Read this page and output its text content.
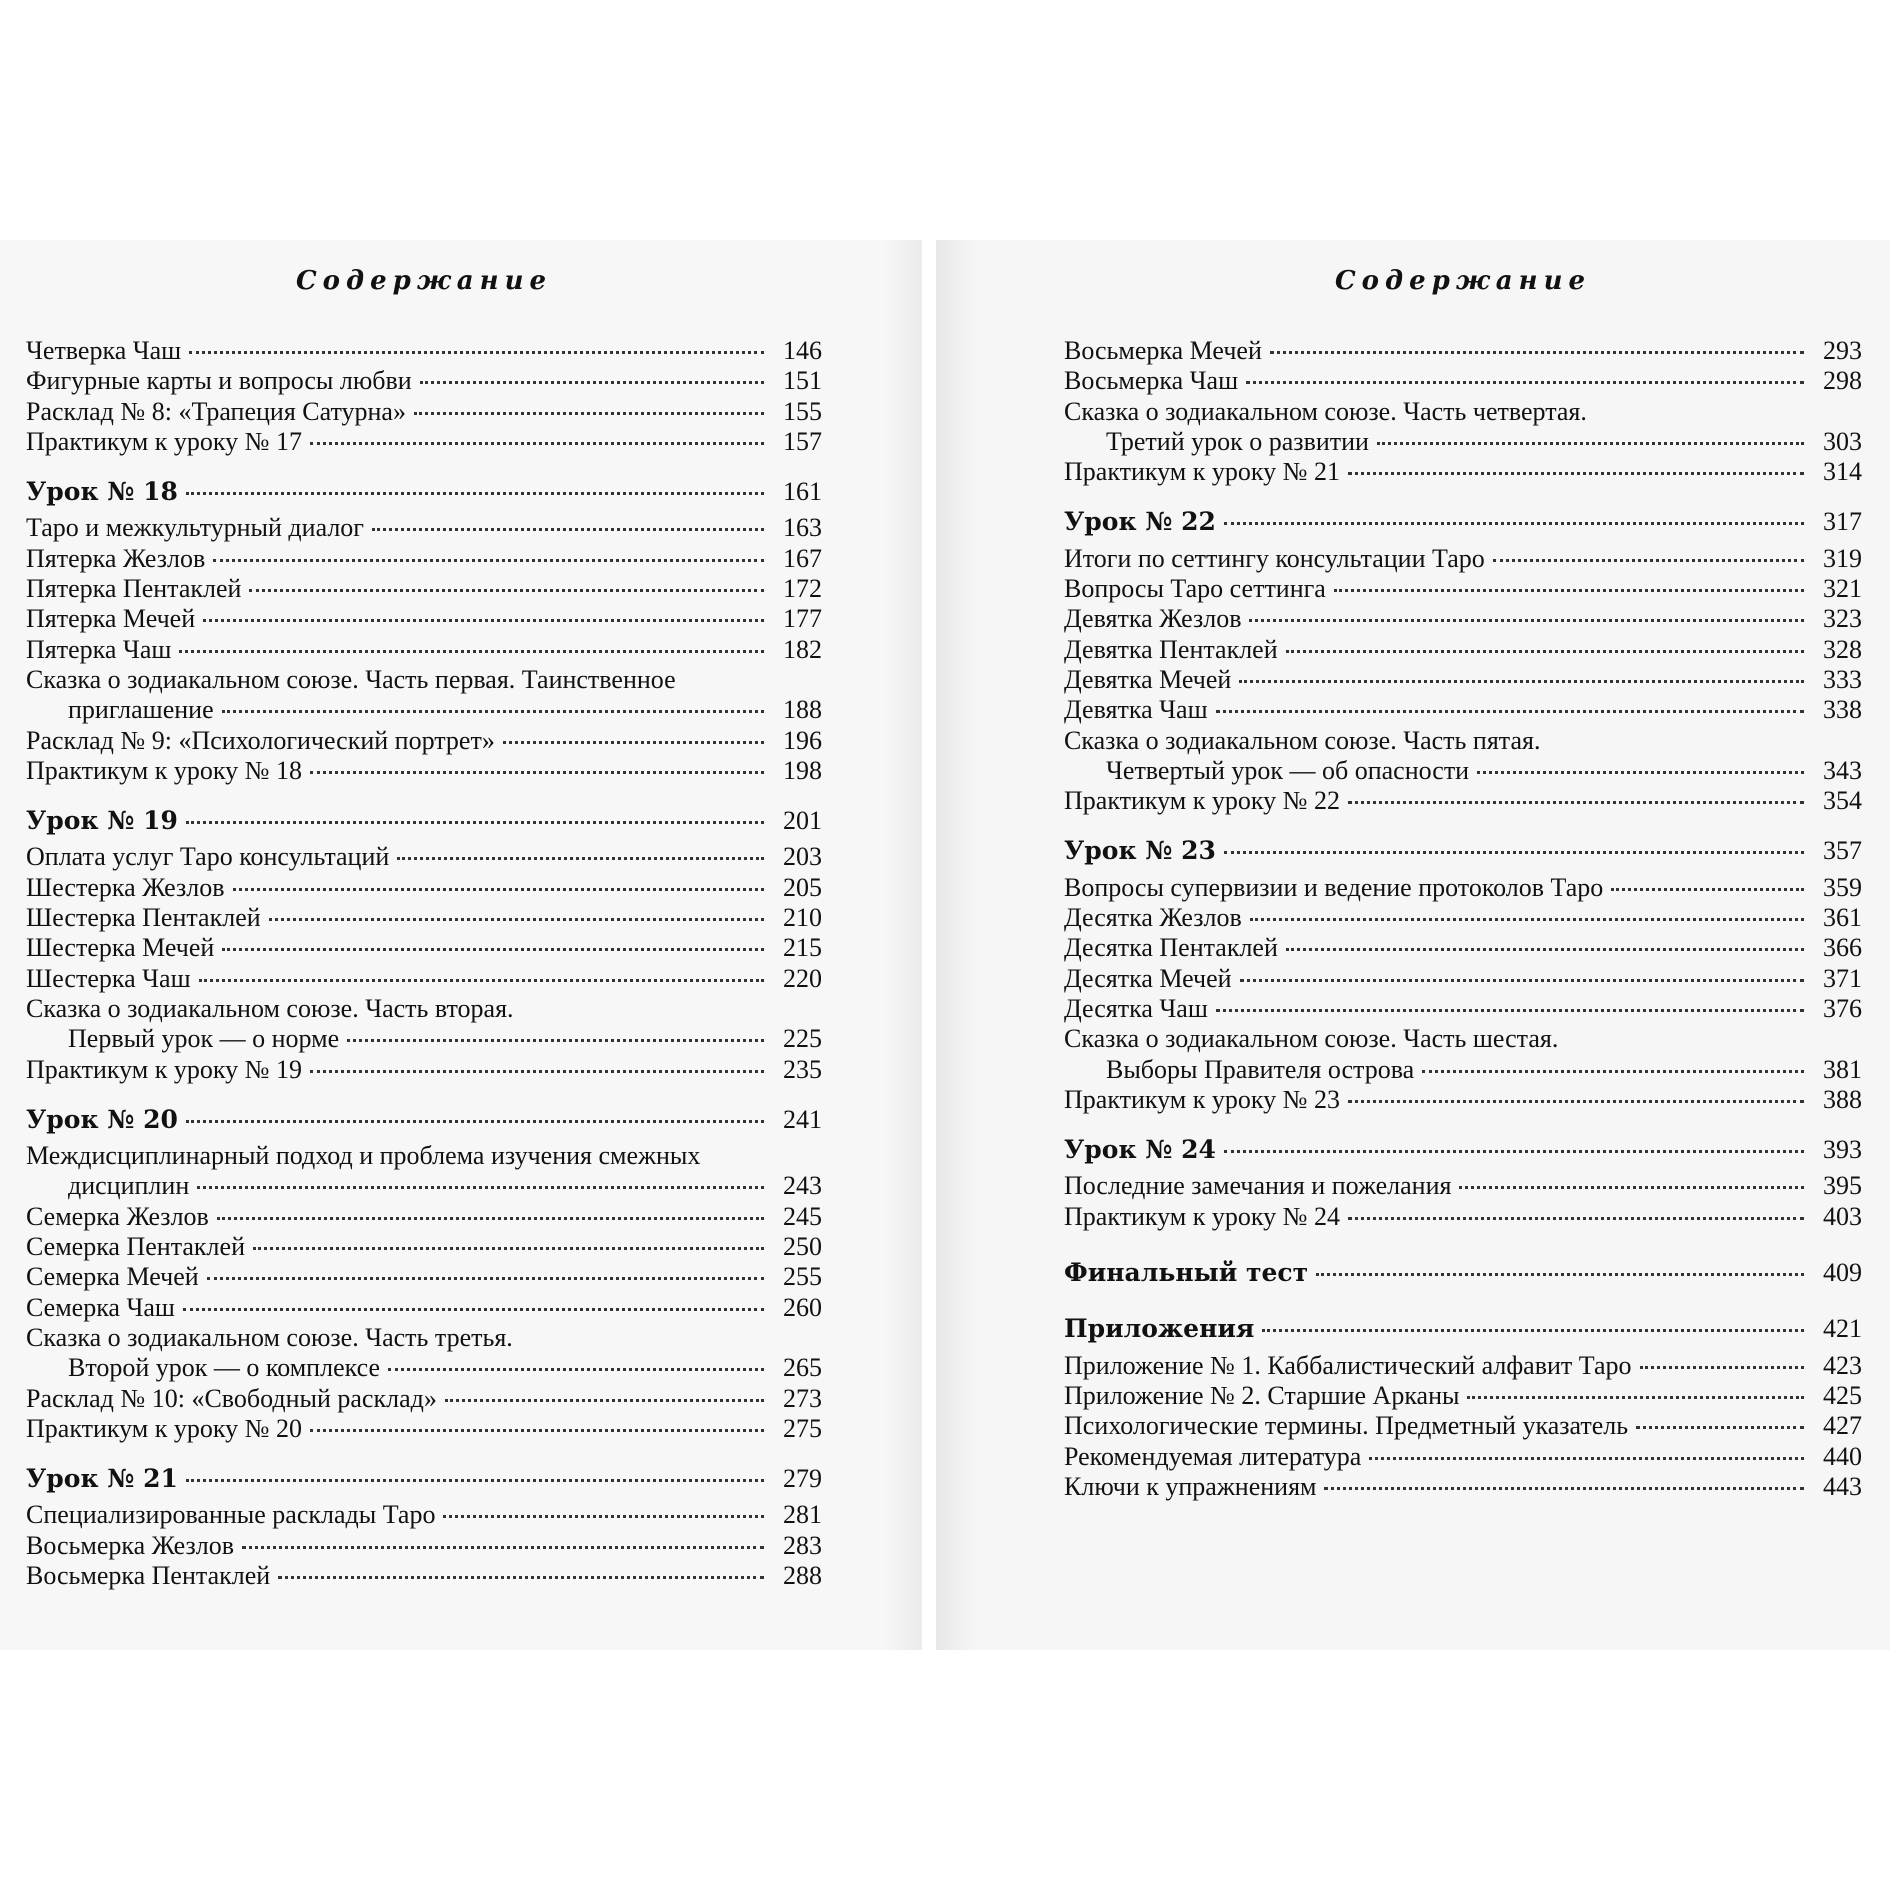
Содержание
Четверка Чаш	146
Фигурные карты и вопросы любви	151
Расклад № 8: «Трапеция Сатурна»	155
Практикум к уроку № 17	157
Урок № 18	161
Таро и межкультурный диалог	163
Пятерка Жезлов	167
Пятерка Пентаклей	172
Пятерка Мечей	177
Пятерка Чаш	182
Сказка о зодиакальном союзе. Часть первая. Таинственное
приглашение	188
Расклад № 9: «Психологический портрет»	196
Практикум к уроку № 18	198
Урок № 19	201
Оплата услуг Таро консультаций	203
Шестерка Жезлов	205
Шестерка Пентаклей	210
Шестерка Мечей	215
Шестерка Чаш	220
Сказка о зодиакальном союзе. Часть вторая.
Первый урок — о норме	225
Практикум к уроку № 19	235
Урок № 20	241
Междисциплинарный подход и проблема изучения смежных
дисциплин	243
Семерка Жезлов	245
Семерка Пентаклей	250
Семерка Мечей	255
Семерка Чаш	260
Сказка о зодиакальном союзе. Часть третья.
Второй урок — о комплексе	265
Расклад № 10: «Свободный расклад»	273
Практикум к уроку № 20	275
Урок № 21	279
Специализированные расклады Таро	281
Восьмерка Жезлов	283
Восьмерка Пентаклей	288
Содержание
Восьмерка Мечей	293
Восьмерка Чаш	298
Сказка о зодиакальном союзе. Часть четвертая.
Третий урок о развитии	303
Практикум к уроку № 21	314
Урок № 22	317
Итоги по сеттингу консультации Таро	319
Вопросы Таро сеттинга	321
Девятка Жезлов	323
Девятка Пентаклей	328
Девятка Мечей	333
Девятка Чаш	338
Сказка о зодиакальном союзе. Часть пятая.
Четвертый урок — об опасности	343
Практикум к уроку № 22	354
Урок № 23	357
Вопросы супервизии и ведение протоколов Таро	359
Десятка Жезлов	361
Десятка Пентаклей	366
Десятка Мечей	371
Десятка Чаш	376
Сказка о зодиакальном союзе. Часть шестая.
Выборы Правителя острова	381
Практикум к уроку № 23	388
Урок № 24	393
Последние замечания и пожелания	395
Практикум к уроку № 24	403
Финальный тест	409
Приложения	421
Приложение № 1. Каббалистический алфавит Таро	423
Приложение № 2. Старшие Арканы	425
Психологические термины. Предметный указатель	427
Рекомендуемая литература	440
Ключи к упражнениям	443
